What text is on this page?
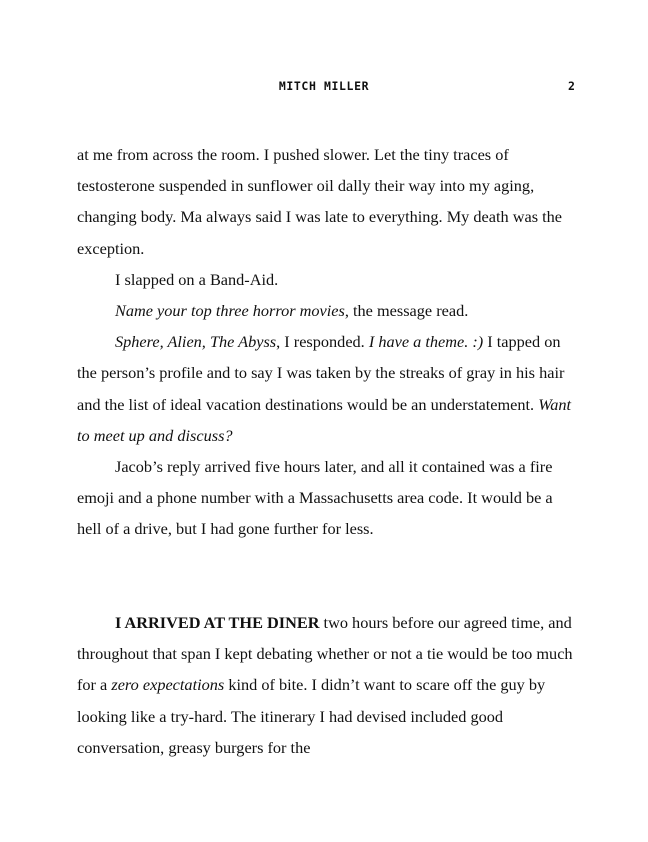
MITCH MILLER	2

at me from across the room. I pushed slower. Let the tiny traces of testosterone suspended in sunflower oil dally their way into my aging, changing body. Ma always said I was late to everything. My death was the exception.

I slapped on a Band-Aid.

Name your top three horror movies, the message read.

Sphere, Alien, The Abyss, I responded. I have a theme. :) I tapped on the person’s profile and to say I was taken by the streaks of gray in his hair and the list of ideal vacation destinations would be an understatement. Want to meet up and discuss?

Jacob’s reply arrived five hours later, and all it contained was a fire emoji and a phone number with a Massachusetts area code. It would be a hell of a drive, but I had gone further for less.

I ARRIVED AT THE DINER two hours before our agreed time, and throughout that span I kept debating whether or not a tie would be too much for a zero expectations kind of bite. I didn’t want to scare off the guy by looking like a try-hard. The itinerary I had devised included good conversation, greasy burgers for the
